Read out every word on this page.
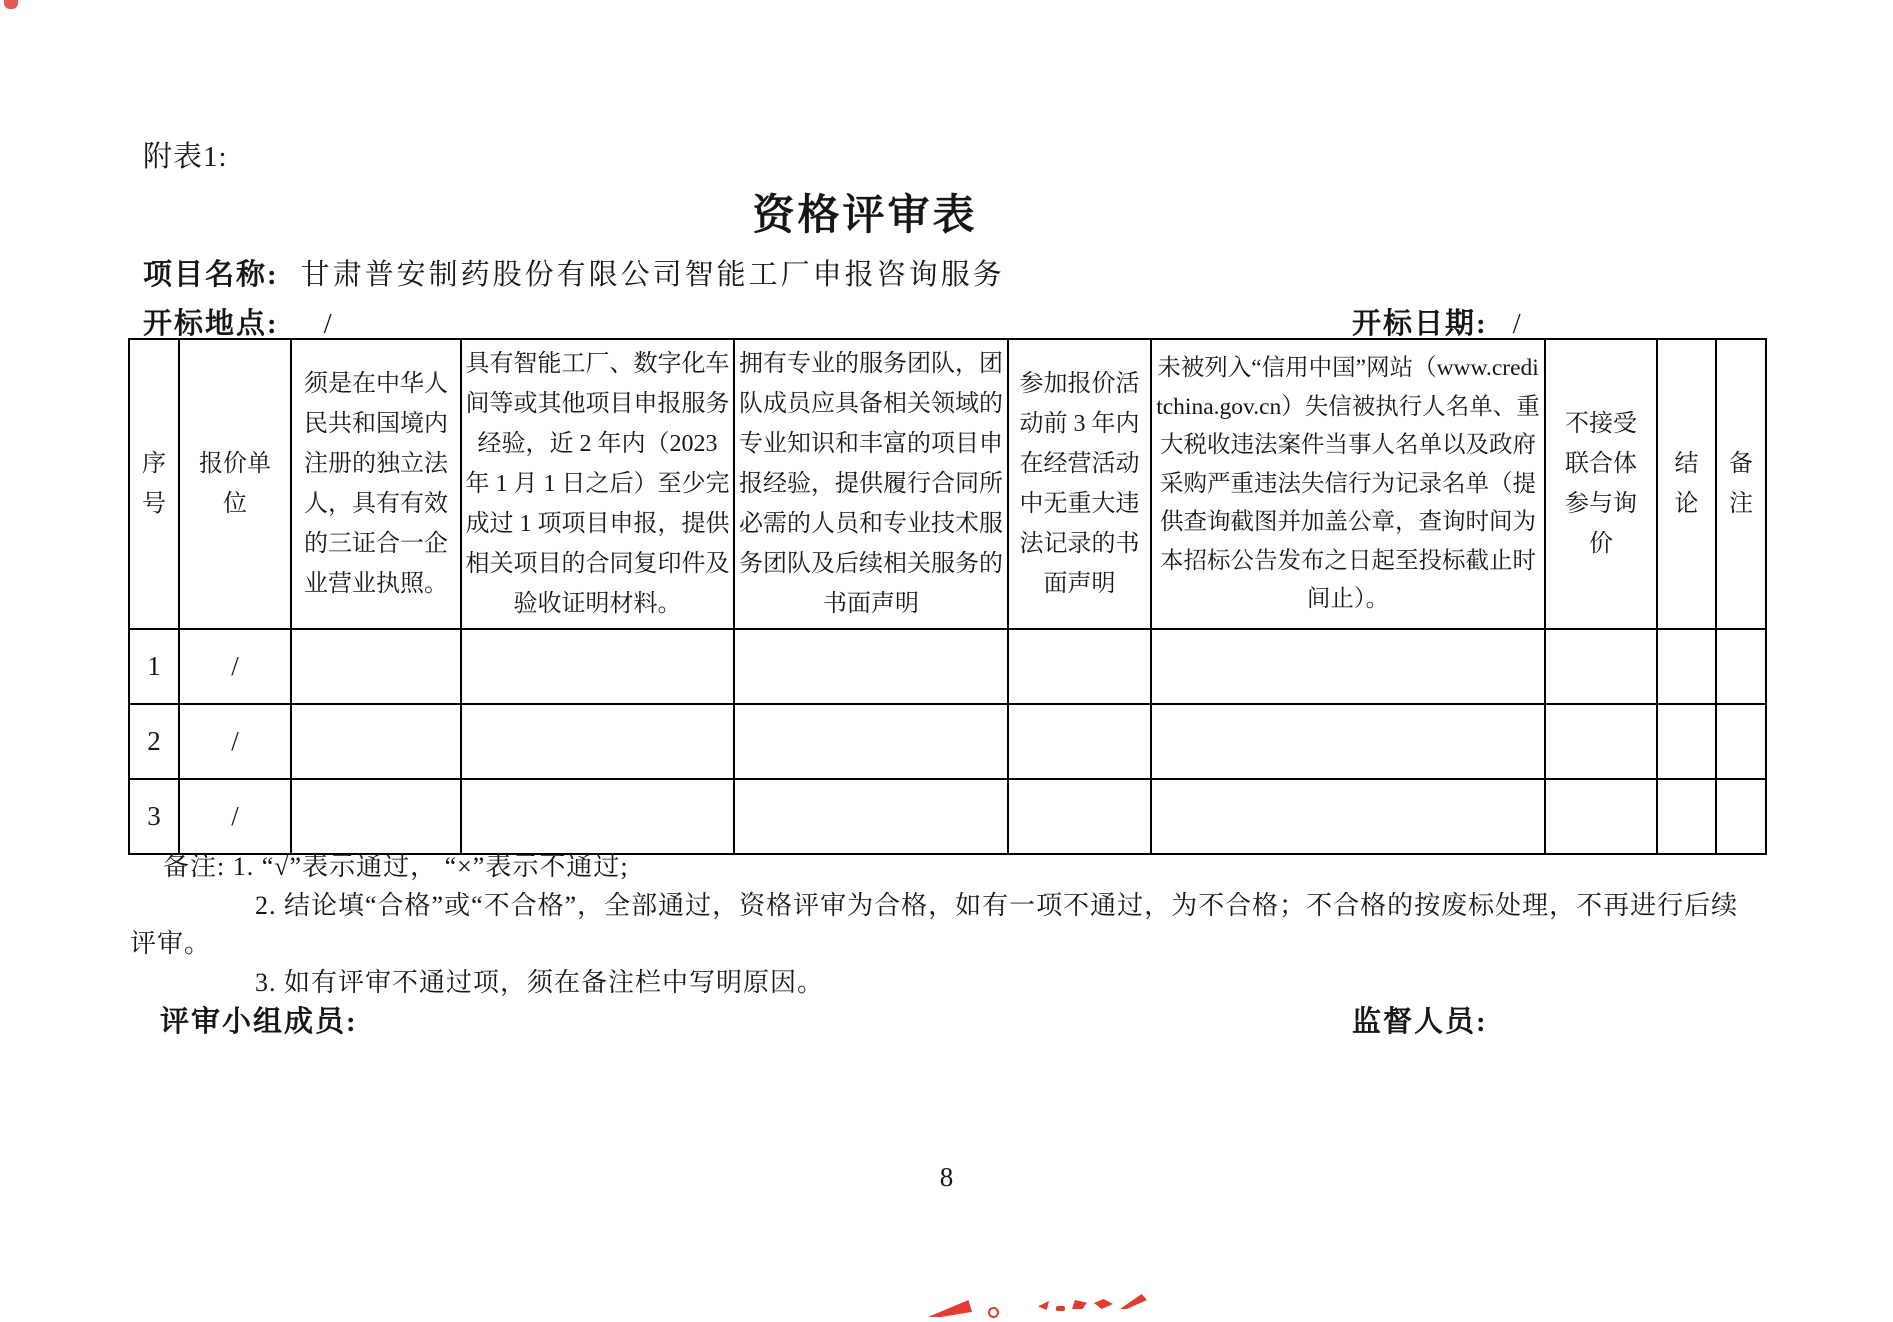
附表1:
资格评审表
项目名称: 甘肃普安制药股份有限公司智能工厂申报咨询服务
开标地点: /	开标日期: /
序号	报价单位	须是在中华人民共和国境内注册的独立法人，具有有效的三证合一企业营业执照。	具有智能工厂、数字化车间等或其他项目申报服务经验，近 2 年内（2023 年 1 月 1 日之后）至少完成过 1 项项目申报，提供相关项目的合同复印件及验收证明材料。	拥有专业的服务团队，团队成员应具备相关领域的专业知识和丰富的项目申报经验，提供履行合同所必需的人员和专业技术服务团队及后续相关服务的书面声明	参加报价活动前 3 年内在经营活动中无重大违法记录的书面声明	未被列入“信用中国”网站（www.creditchina.gov.cn）失信被执行人名单、重大税收违法案件当事人名单以及政府采购严重违法失信行为记录名单（提供查询截图并加盖公章，查询时间为本招标公告发布之日起至投标截止时间止）。	不接受联合体参与询价	结论	备注

1	/								
2	/								
3	/								
备注: 1. “√”表示通过， “×”表示不通过;
2. 结论填“合格”或“不合格”，全部通过，资格评审为合格，如有一项不通过，为不合格；不合格的按废标处理，不再进行后续
评审。
3. 如有评审不通过项，须在备注栏中写明原因。
评审小组成员:	监督人员:
8
